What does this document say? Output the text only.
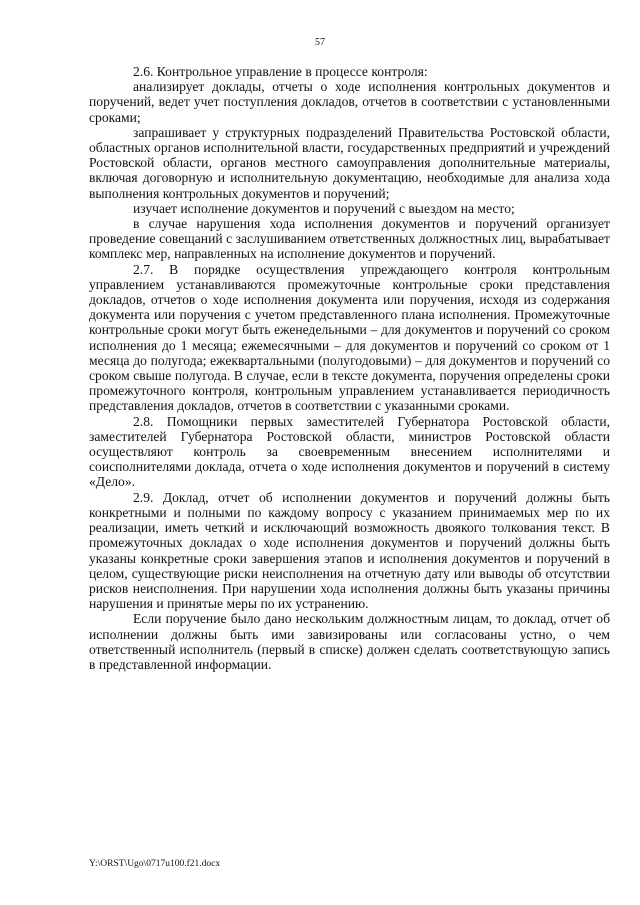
57

2.6. Контрольное управление в процессе контроля:

анализирует доклады, отчеты о ходе исполнения контрольных документов и поручений, ведет учет поступления докладов, отчетов в соответствии с установленными сроками;

запрашивает у структурных подразделений Правительства Ростовской области, областных органов исполнительной власти, государственных предприятий и учреждений Ростовской области, органов местного самоуправления дополнительные материалы, включая договорную и исполнительную документацию, необходимые для анализа хода выполнения контрольных документов и поручений;

изучает исполнение документов и поручений с выездом на место;

в случае нарушения хода исполнения документов и поручений организует проведение совещаний с заслушиванием ответственных должностных лиц, вырабатывает комплекс мер, направленных на исполнение документов и поручений.

2.7. В порядке осуществления упреждающего контроля контрольным управлением устанавливаются промежуточные контрольные сроки представления докладов, отчетов о ходе исполнения документа или поручения, исходя из содержания документа или поручения с учетом представленного плана исполнения. Промежуточные контрольные сроки могут быть еженедельными – для документов и поручений со сроком исполнения до 1 месяца; ежемесячными – для документов и поручений со сроком от 1 месяца до полугода; ежеквартальными (полугодовыми) – для документов и поручений со сроком свыше полугода. В случае, если в тексте документа, поручения определены сроки промежуточного контроля, контрольным управлением устанавливается периодичность представления докладов, отчетов в соответствии с указанными сроками.

2.8. Помощники первых заместителей Губернатора Ростовской области, заместителей Губернатора Ростовской области, министров Ростовской области осуществляют контроль за своевременным внесением исполнителями и соисполнителями доклада, отчета о ходе исполнения документов и поручений в систему «Дело».

2.9. Доклад, отчет об исполнении документов и поручений должны быть конкретными и полными по каждому вопросу с указанием принимаемых мер по их реализации, иметь четкий и исключающий возможность двоякого толкования текст. В промежуточных докладах о ходе исполнения документов и поручений должны быть указаны конкретные сроки завершения этапов и исполнения документов и поручений в целом, существующие риски неисполнения на отчетную дату или выводы об отсутствии рисков неисполнения. При нарушении хода исполнения должны быть указаны причины нарушения и принятые меры по их устранению.

Если поручение было дано нескольким должностным лицам, то доклад, отчет об исполнении должны быть ими завизированы или согласованы устно, о чем ответственный исполнитель (первый в списке) должен сделать соответствующую запись в представленной информации.

Y:\ORST\Ugo\0717u100.f21.docx
